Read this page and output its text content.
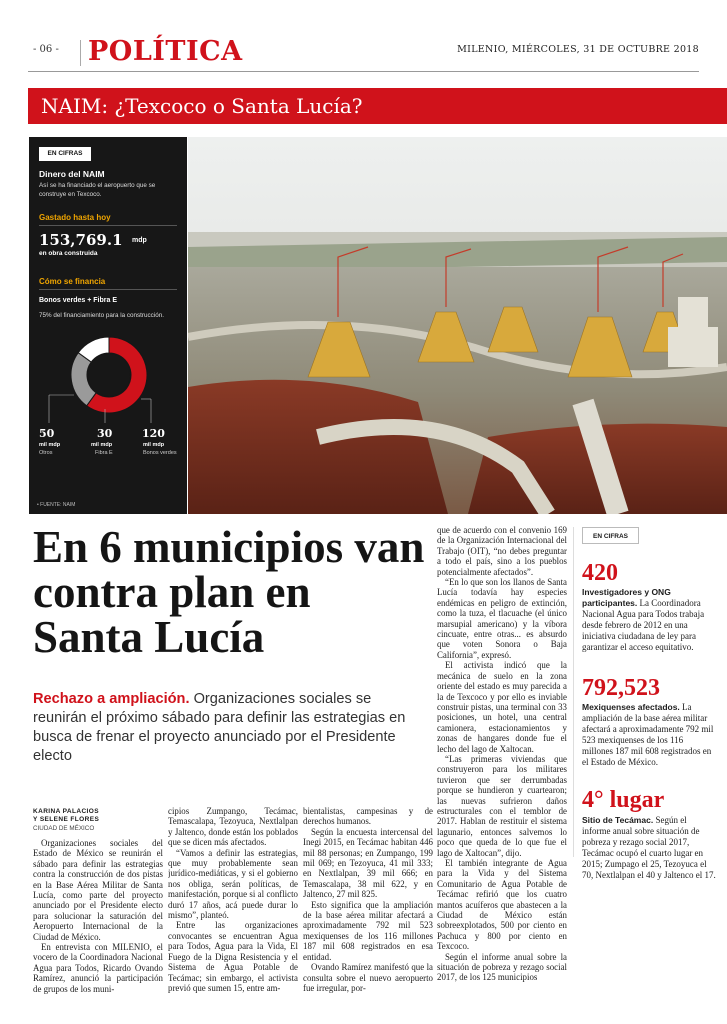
- 06 - POLÍTICA	MILENIO, MIÉRCOLES, 31 DE OCTUBRE 2018
NAIM: ¿Texcoco o Santa Lucía?
EN CIFRAS
Dinero del NAIM
Así se ha financiado el aeropuerto que se construye en Texcoco.
Gastado hasta hoy
153,769.1 mdp
en obra construida
Cómo se financia
Bonos verdes + Fibra E
75% del financiamiento para la construcción.
50
mil mdp
Otros
30
mil mdp
Fibra E
120
mil mdp
Bonos verdes
• FUENTE: NAIM
En 6 municipios van contra plan en Santa Lucía
Rechazo a ampliación. Organizaciones sociales se reunirán el próximo sábado para definir las estrategias en busca de frenar el proyecto anunciado por el Presidente electo
KARINA PALACIOS
Y SELENE FLORES
CIUDAD DE MÉXICO

Organizaciones sociales del Estado de México se reunirán el sábado para definir las estrategias contra la construcción de dos pistas en la Base Aérea Militar de Santa Lucía, como parte del proyecto anunciado por el Presidente electo para solucionar la saturación del Aeropuerto Internacional de la Ciudad de México.

En entrevista con MILENIO, el vocero de la Coordinadora Nacional Agua para Todos, Ricardo Ovando Ramírez, anunció la participación de grupos de los muni-

cipios Zumpango, Tecámac, Temascalapa, Tezoyuca, Nextlalpan y Jaltenco, donde están los poblados que se dicen más afectados.

“Vamos a definir las estrategias, que muy probablemente sean jurídico-mediáticas, y si el gobierno nos obliga, serán políticas, de manifestación, porque si al conflicto duró 17 años, acá puede durar lo mismo”, planteó.

Entre las organizaciones convocantes se encuentran Agua para Todos, Agua para la Vida, El Fuego de la Digna Resistencia y el Sistema de Agua Potable de Tecámac; sin embargo, el activista previó que sumen 15, entre am-

bientalistas, campesinas y de derechos humanos.

Según la encuesta intercensal del Inegi 2015, en Tecámac habitan 446 mil 88 personas; en Zumpango, 199 mil 069; en Tezoyuca, 41 mil 333; en Nextlalpan, 39 mil 666; en Temascalapa, 38 mil 622, y en Jaltenco, 27 mil 825.

Esto significa que la ampliación de la base aérea militar afectará a aproximadamente 792 mil 523 mexiquenses de los 116 millones 187 mil 608 registrados en esa entidad.

Ovando Ramírez manifestó que la consulta sobre el nuevo aeropuerto fue irregular, por-

que de acuerdo con el convenio 169 de la Organización Internacional del Trabajo (OIT), “no debes preguntar a todo el país, sino a los pueblos potencialmente afectados”.

“En lo que son los llanos de Santa Lucía todavía hay especies endémicas en peligro de extinción, como la tuza, el tlacuache (el único marsupial americano) y la víbora cincuate, entre otras... es absurdo que voten Sonora o Baja California”, expresó.

El activista indicó que la mecánica de suelo en la zona oriente del estado es muy parecida a la de Texcoco y por ello es inviable construir pistas, una terminal con 33 posiciones, un hotel, una central camionera, estacionamientos y zonas de hangares donde fue el lecho del lago de Xaltocan.

“Las primeras viviendas que construyeron para los militares tuvieron que ser derrumbadas porque se hundieron y cuartearon; las nuevas sufrieron daños estructurales con el temblor de 2017. Hablan de restituir el sistema lagunario, entonces salvemos lo poco que queda de lo que fue el lago de Xaltocan”, dijo.

El también integrante de Agua para la Vida y del Sistema Comunitario de Agua Potable de Tecámac refirió que los cuatro mantos acuíferos que abastecen a la Ciudad de México están sobreexplotados, 500 por ciento en Pachuca y 800 por ciento en Texcoco.

Según el informe anual sobre la situación de pobreza y rezago social 2017, de los 125 municipios

EN CIFRAS
420
Investigadores y ONG participantes. La Coordinadora Nacional Agua para Todos trabaja desde febrero de 2012 en una iniciativa ciudadana de ley para garantizar el acceso equitativo.
792,523
Mexiquenses afectados. La ampliación de la base aérea militar afectará a aproximadamente 792 mil 523 mexiquenses de los 116 millones 187 mil 608 registrados en el Estado de México.
4° lugar
Sitio de Tecámac. Según el informe anual sobre situación de pobreza y rezago social 2017, Tecámac ocupó el cuarto lugar en 2015; Zumpago el 25, Tezoyuca el 70, Nextlalpan el 40 y Jaltenco el 17.
